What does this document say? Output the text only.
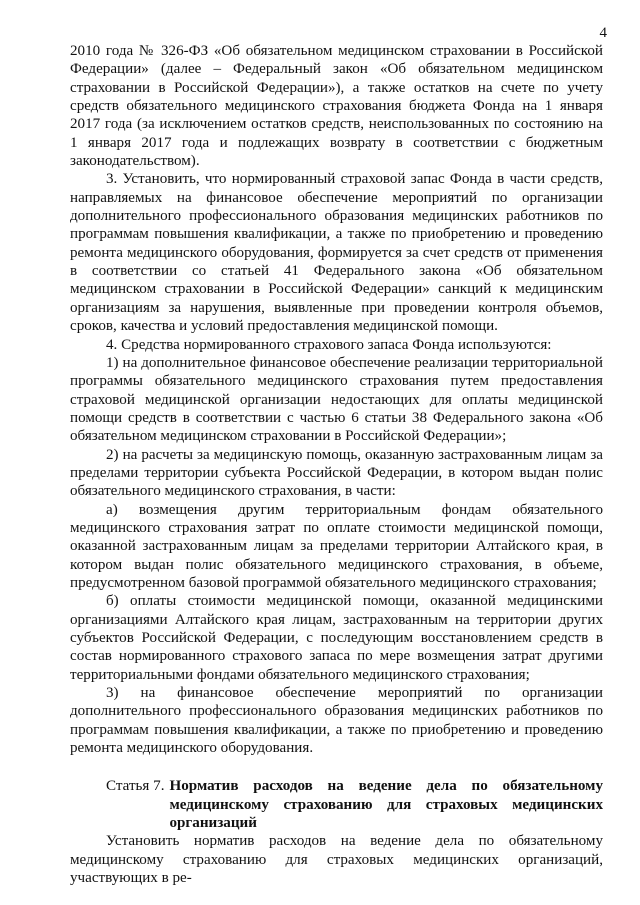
4

2010 года № 326-ФЗ «Об обязательном медицинском страховании в Российской Федерации» (далее – Федеральный закон «Об обязательном медицинском страховании в Российской Федерации»), а также остатков на счете по учету средств обязательного медицинского страхования бюджета Фонда на 1 января 2017 года (за исключением остатков средств, неиспользованных по состоянию на 1 января 2017 года и подлежащих возврату в соответствии с бюджетным законодательством).

3. Установить, что нормированный страховой запас Фонда в части средств, направляемых на финансовое обеспечение мероприятий по организации дополнительного профессионального образования медицинских работников по программам повышения квалификации, а также по приобретению и проведению ремонта медицинского оборудования, формируется за счет средств от применения в соответствии со статьей 41 Федерального закона «Об обязательном медицинском страховании в Российской Федерации» санкций к медицинским организациям за нарушения, выявленные при проведении контроля объемов, сроков, качества и условий предоставления медицинской помощи.

4. Средства нормированного страхового запаса Фонда используются:

1) на дополнительное финансовое обеспечение реализации территориальной программы обязательного медицинского страхования путем предоставления страховой медицинской организации недостающих для оплаты медицинской помощи средств в соответствии с частью 6 статьи 38 Федерального закона «Об обязательном медицинском страховании в Российской Федерации»;

2) на расчеты за медицинскую помощь, оказанную застрахованным лицам за пределами территории субъекта Российской Федерации, в котором выдан полис обязательного медицинского страхования, в части:

а) возмещения другим территориальным фондам обязательного медицинского страхования затрат по оплате стоимости медицинской помощи, оказанной застрахованным лицам за пределами территории Алтайского края, в котором выдан полис обязательного медицинского страхования, в объеме, предусмотренном базовой программой обязательного медицинского страхования;

б) оплаты стоимости медицинской помощи, оказанной медицинскими организациями Алтайского края лицам, застрахованным на территории других субъектов Российской Федерации, с последующим восстановлением средств в состав нормированного страхового запаса по мере возмещения затрат другими территориальными фондами обязательного медицинского страхования;

3) на финансовое обеспечение мероприятий по организации дополнительного профессионального образования медицинских работников по программам повышения квалификации, а также по приобретению и проведению ремонта медицинского оборудования.

Статья 7. Норматив расходов на ведение дела по обязательному медицинскому страхованию для страховых медицинских организаций

Установить норматив расходов на ведение дела по обязательному медицинскому страхованию для страховых медицинских организаций, участвующих в ре-
